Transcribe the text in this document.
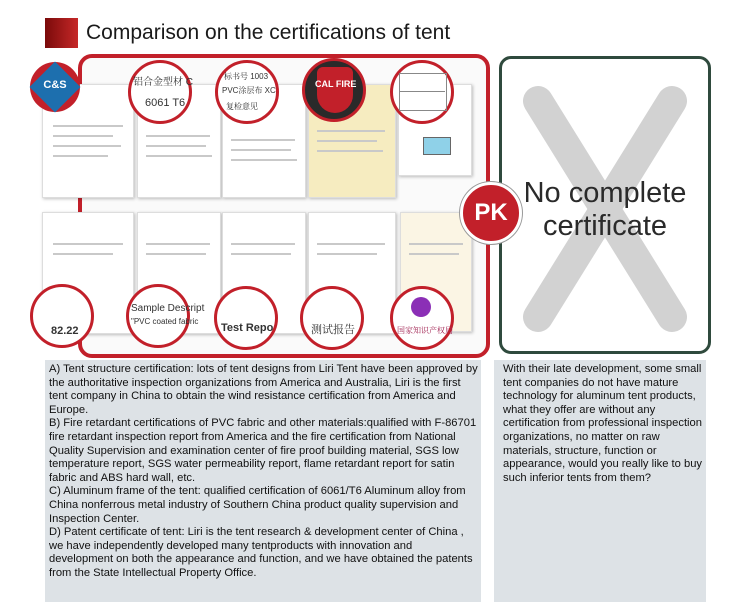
Comparison on the certifications of tent
C&S	铝合金型材 C
6061 T6
标书号 1003
PVC涂层布 XC
复检意见
CAL FIRE
82.22
Sample Descript
"PVC coated fabric
Test Repo	测试报告	国家知识产权局
No complete
certificate
PK

A) Tent structure certification: lots of tent designs from Liri Tent have been approved by the authoritative inspection organizations from America and Australia, Liri is the first tent company in China to obtain the wind resistance certification from America and Europe.

B) Fire retardant certifications of PVC fabric and other materials:qualified with F-86701 fire retardant inspection report from America and the fire certification from National Quality Supervision and examination center of fire proof building material, SGS low temperature report, SGS water permeability report, flame retardant report for satin fabric and ABS hard wall, etc.

C) Aluminum frame of the tent: qualified certification of 6061/T6 Aluminum alloy from China nonferrous metal industry of Southern China product quality supervision and Inspection Center.

D) Patent certificate of tent: Liri is the tent research & development center of China , we have independently developed many tentproducts with innovation and development on both the appearance and function, and we have obtained the patents from the State Intellectual Property Office.

With their late development, some small tent companies do not have mature technology for aluminum tent products, what they offer are without any certification from professional inspection organizations, no matter on raw materials, structure, function or appearance, would you really like to buy such inferior tents from them?
